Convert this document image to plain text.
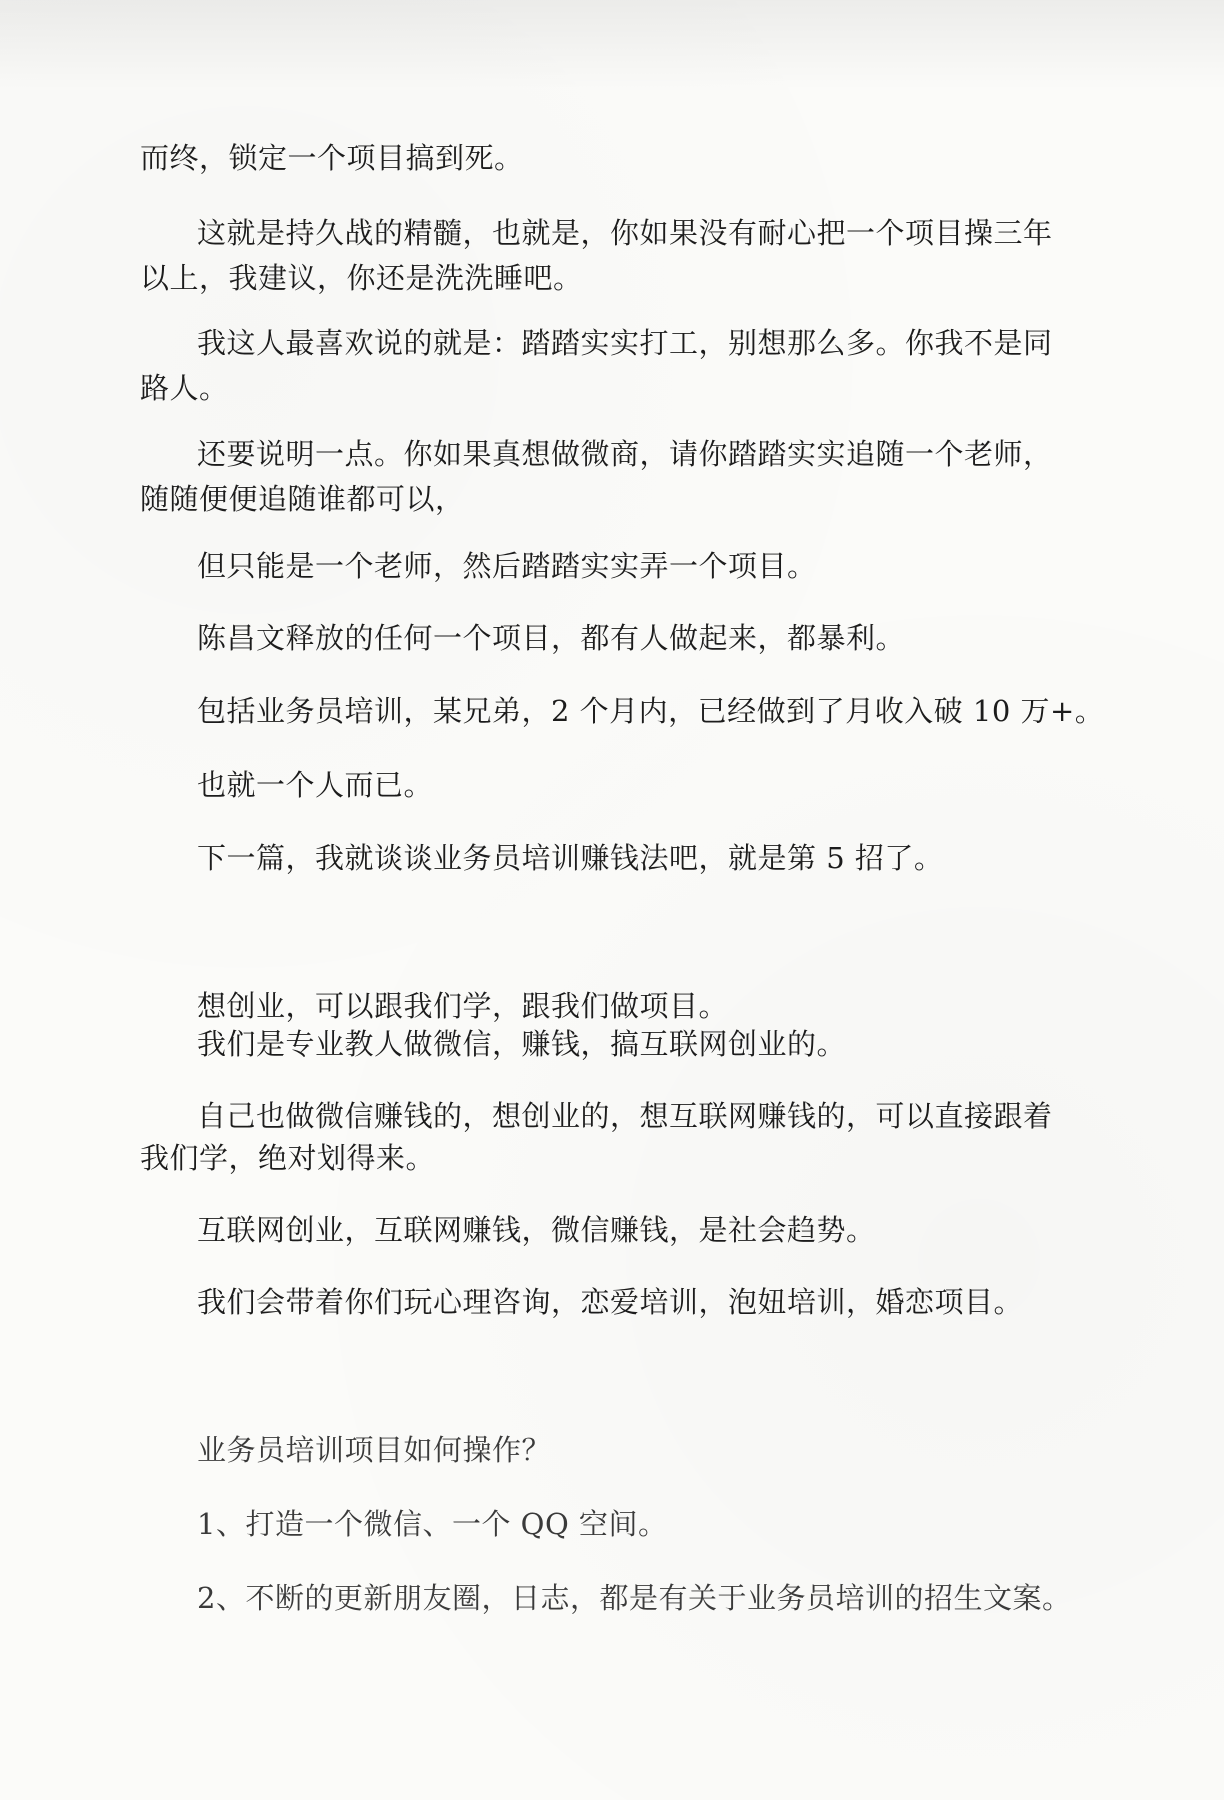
而终，锁定一个项目搞到死。
这就是持久战的精髓，也就是，你如果没有耐心把一个项目操三年
以上，我建议，你还是洗洗睡吧。
我这人最喜欢说的就是：踏踏实实打工，别想那么多。你我不是同
路人。
还要说明一点。你如果真想做微商，请你踏踏实实追随一个老师，
随随便便追随谁都可以，
但只能是一个老师，然后踏踏实实弄一个项目。
陈昌文释放的任何一个项目，都有人做起来，都暴利。
包括业务员培训，某兄弟，2 个月内，已经做到了月收入破 10 万+。
也就一个人而已。
下一篇，我就谈谈业务员培训赚钱法吧，就是第 5 招了。
想创业，可以跟我们学，跟我们做项目。
我们是专业教人做微信，赚钱，搞互联网创业的。
自己也做微信赚钱的，想创业的，想互联网赚钱的，可以直接跟着
我们学，绝对划得来。
互联网创业，互联网赚钱，微信赚钱，是社会趋势。
我们会带着你们玩心理咨询，恋爱培训，泡妞培训，婚恋项目。
业务员培训项目如何操作？
1、打造一个微信、一个 QQ 空间。
2、不断的更新朋友圈，日志，都是有关于业务员培训的招生文案。
